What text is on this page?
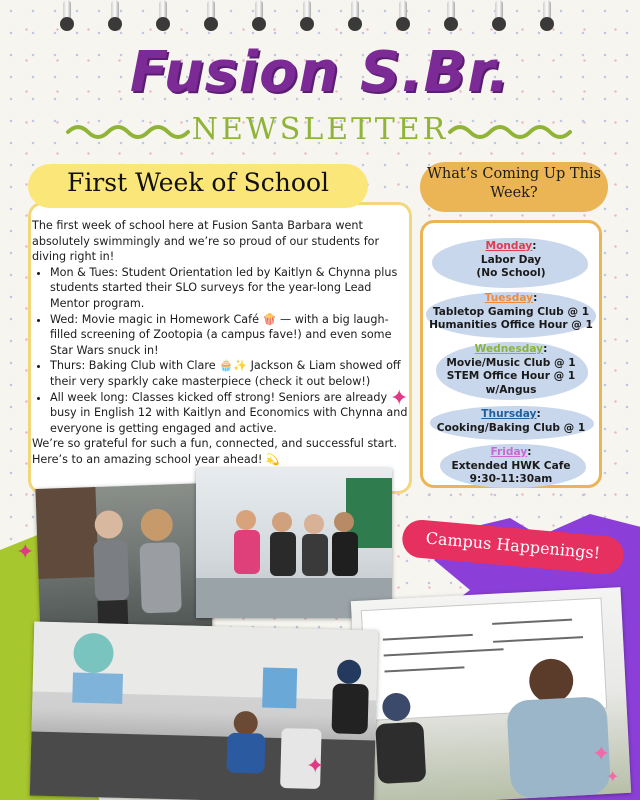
Fusion S.Br.
NEWSLETTER
First Week of School

The first week of school here at Fusion Santa Barbara went absolutely swimmingly and we’re so proud of our students for diving right in!

• Mon & Tues: Student Orientation led by Kaitlyn & Chynna plus students started their SLO surveys for the year-long Lead Mentor program.
• Wed: Movie magic in Homework Café 🍿 — with a big laugh-filled screening of Zootopia (a campus fave!) and even some Star Wars snuck in!
• Thurs: Baking Club with Clare 🧁✨ Jackson & Liam showed off their very sparkly cake masterpiece (check it out below!)
• All week long: Classes kicked off strong! Seniors are already busy in English 12 with Kaitlyn and Economics with Chynna and everyone is getting engaged and active.

We’re so grateful for such a fun, connected, and successful start. Here’s to an amazing school year ahead! 💫

✦
What’s Coming Up This Week?
Monday:
Labor Day
(No School)
Tuesday:
Tabletop Gaming Club @ 1
Humanities Office Hour @ 1
Wednesday:
Movie/Music Club @ 1
STEM Office Hour @ 1
w/Angus
Thursday:
Cooking/Baking Club @ 1
Friday:
Extended HWK Cafe
9:30-11:30am
Campus Happenings!
✦
✦	✦
✦
